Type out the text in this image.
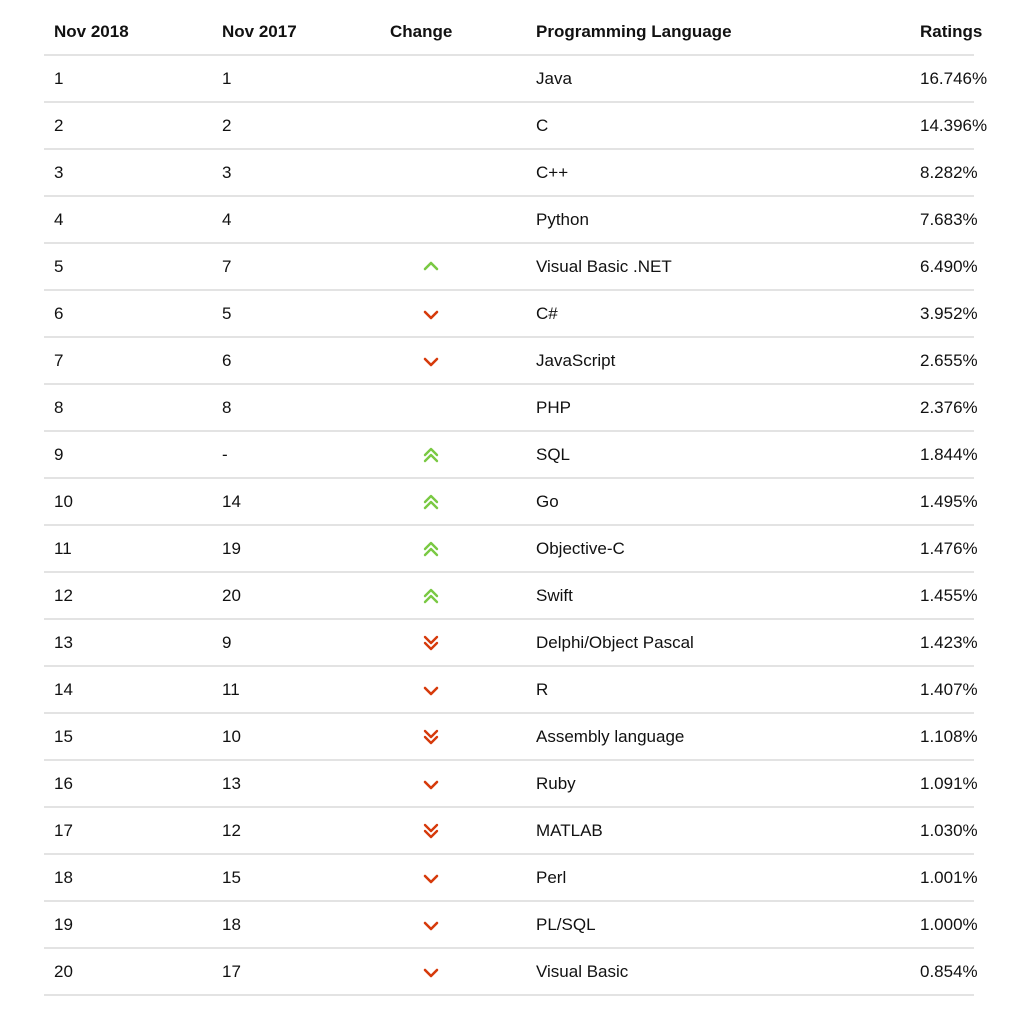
Nov 2018	Nov 2017	Change	Programming Language	Ratings
1	1		Java	16.746%
2	2		C	14.396%
3	3		C++	8.282%
4	4		Python	7.683%
5	7		Visual Basic .NET	6.490%
6	5		C#	3.952%
7	6		JavaScript	2.655%
8	8		PHP	2.376%
9	-		SQL	1.844%
10	14		Go	1.495%
11	19		Objective-C	1.476%
12	20		Swift	1.455%
13	9		Delphi/Object Pascal	1.423%
14	11		R	1.407%
15	10		Assembly language	1.108%
16	13		Ruby	1.091%
17	12		MATLAB	1.030%
18	15		Perl	1.001%
19	18		PL/SQL	1.000%
20	17		Visual Basic	0.854%
